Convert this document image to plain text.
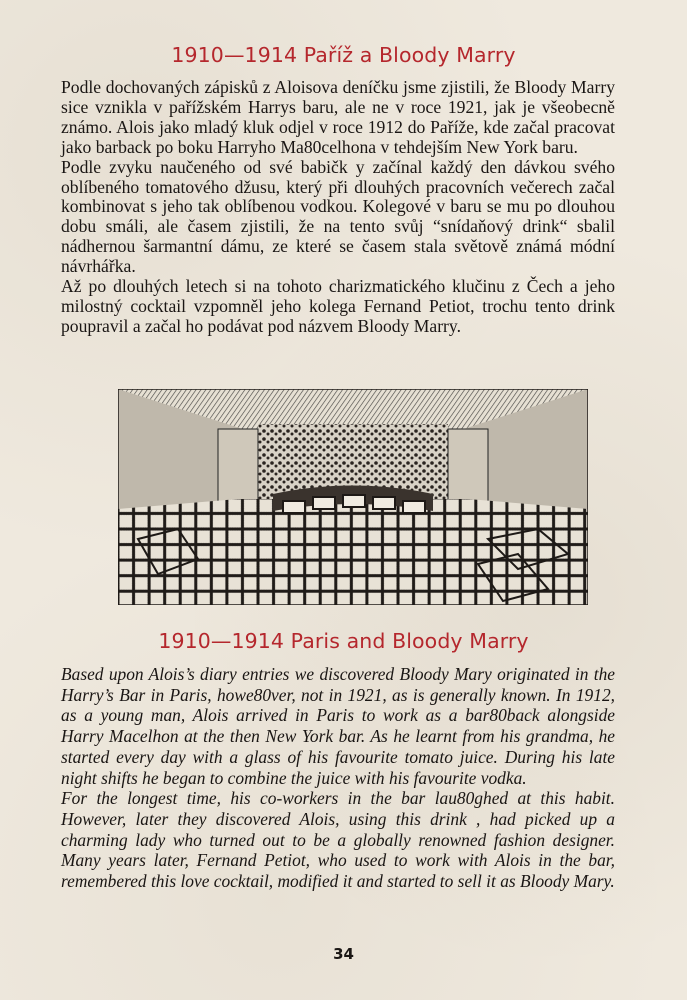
1910—1914 Paříž a Bloody Marry

Podle dochovaných zápisků z Aloisova deníčku jsme zjistili, že Bloody Marry sice vznikla v pařížském Harrys baru, ale ne v roce 1921, jak je všeobecně známo. Alois jako mladý kluk odjel v roce 1912 do Paříže, kde začal pracovat jako barback po boku Harryho Ma80celhona v tehdejším New York baru.

Podle zvyku naučeného od své babičk y začínal každý den dávkou svého oblíbeného tomatového džusu, který při dlouhých pracovních večerech začal kombinovat s jeho tak oblíbenou vodkou. Kolegové v baru se mu po dlouhou dobu smáli, ale časem zjistili, že na tento svůj “snídaňový drink“ sbalil nádhernou šarmantní dámu, ze které se časem stala světově známá módní návrhářka.

Až po dlouhých letech si na tohoto charizmatického klučinu z Čech a jeho milostný cocktail vzpomněl jeho kolega Fernand Petiot, trochu tento drink poupravil a začal ho podávat pod názvem Bloody Marry.

1910—1914 Paris and Bloody Marry

Based upon Alois’s diary entries we discovered Bloody Mary originated in the Harry’s Bar in Paris, howe80ver, not in 1921, as is generally known. In 1912, as a young man, Alois arrived in Paris to work as a bar80back alongside Harry Macelhon at the then New York bar. As he learnt from his grandma, he started every day with a glass of his favourite tomato juice. During his late night shifts he began to combine the juice with his favourite vodka.

For the longest time, his co-workers in the bar lau80ghed at this habit. However, later they discovered Alois, using this drink , had picked up a charming lady who turned out to be a globally renowned fashion designer. Many years later, Fernand Petiot, who used to work with Alois in the bar, remembered this love cocktail, modified it and started to sell it as Bloody Mary.

34
